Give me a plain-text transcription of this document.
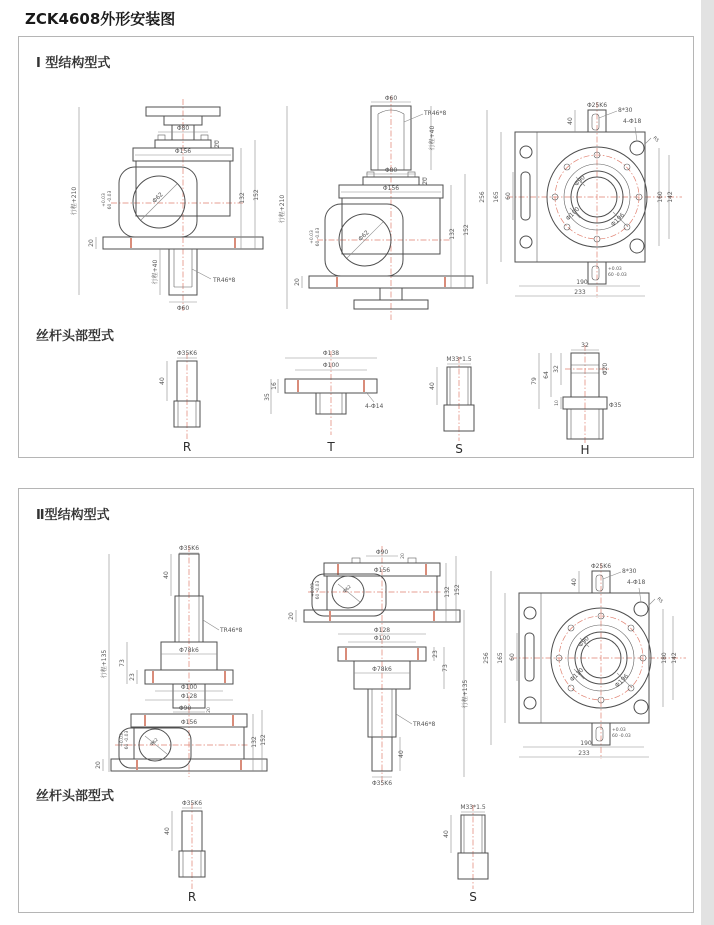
ZCK4608外形安装图
Ⅰ 型结构型式
行程+210
Φ80
20
Φ156
Φ62
+0.03 60 -0.03
20
132 152
行程+40	TR46*8
Φ60
Φ60
TR46*8
行程+40
Φ80
20
Φ156
Φ62
行程+210
+0.03 60 -0.03
20
132 152
Φ25K6
40
8*30
4-Φ18
R5
256 165 60
Φ90
Φ100	Φ196
160 142
+0.03
60 -0.03
190
233
丝杆头部型式
Φ35K6
40
R
Φ138
Φ100
35
16
4-Φ14
T
M33*1.5
40
S
32
32
64
79
10
Φ20
Φ35
H
Ⅱ型结构型式
Φ35K6
40
TR46*8
行程+135	Φ78k6
23
73
Φ100
Φ128
Φ90	20
Φ156
Φ62	132 152
+0.03 60 -0.03
20
Φ90	20
Φ156
Φ62	132 152
+0.03 60 -0.03
20
Φ128
Φ100
23
73
Φ78k6
TR46*8
40
Φ35K6
行程+135
Φ25K6
40
8*30
4-Φ18
R5
256 165 60
Φ90
Φ110	Φ196
180 142
+0.03
60 -0.03
190
233
丝杆头部型式	Φ35K6
40
R
M33*1.5
40
S
